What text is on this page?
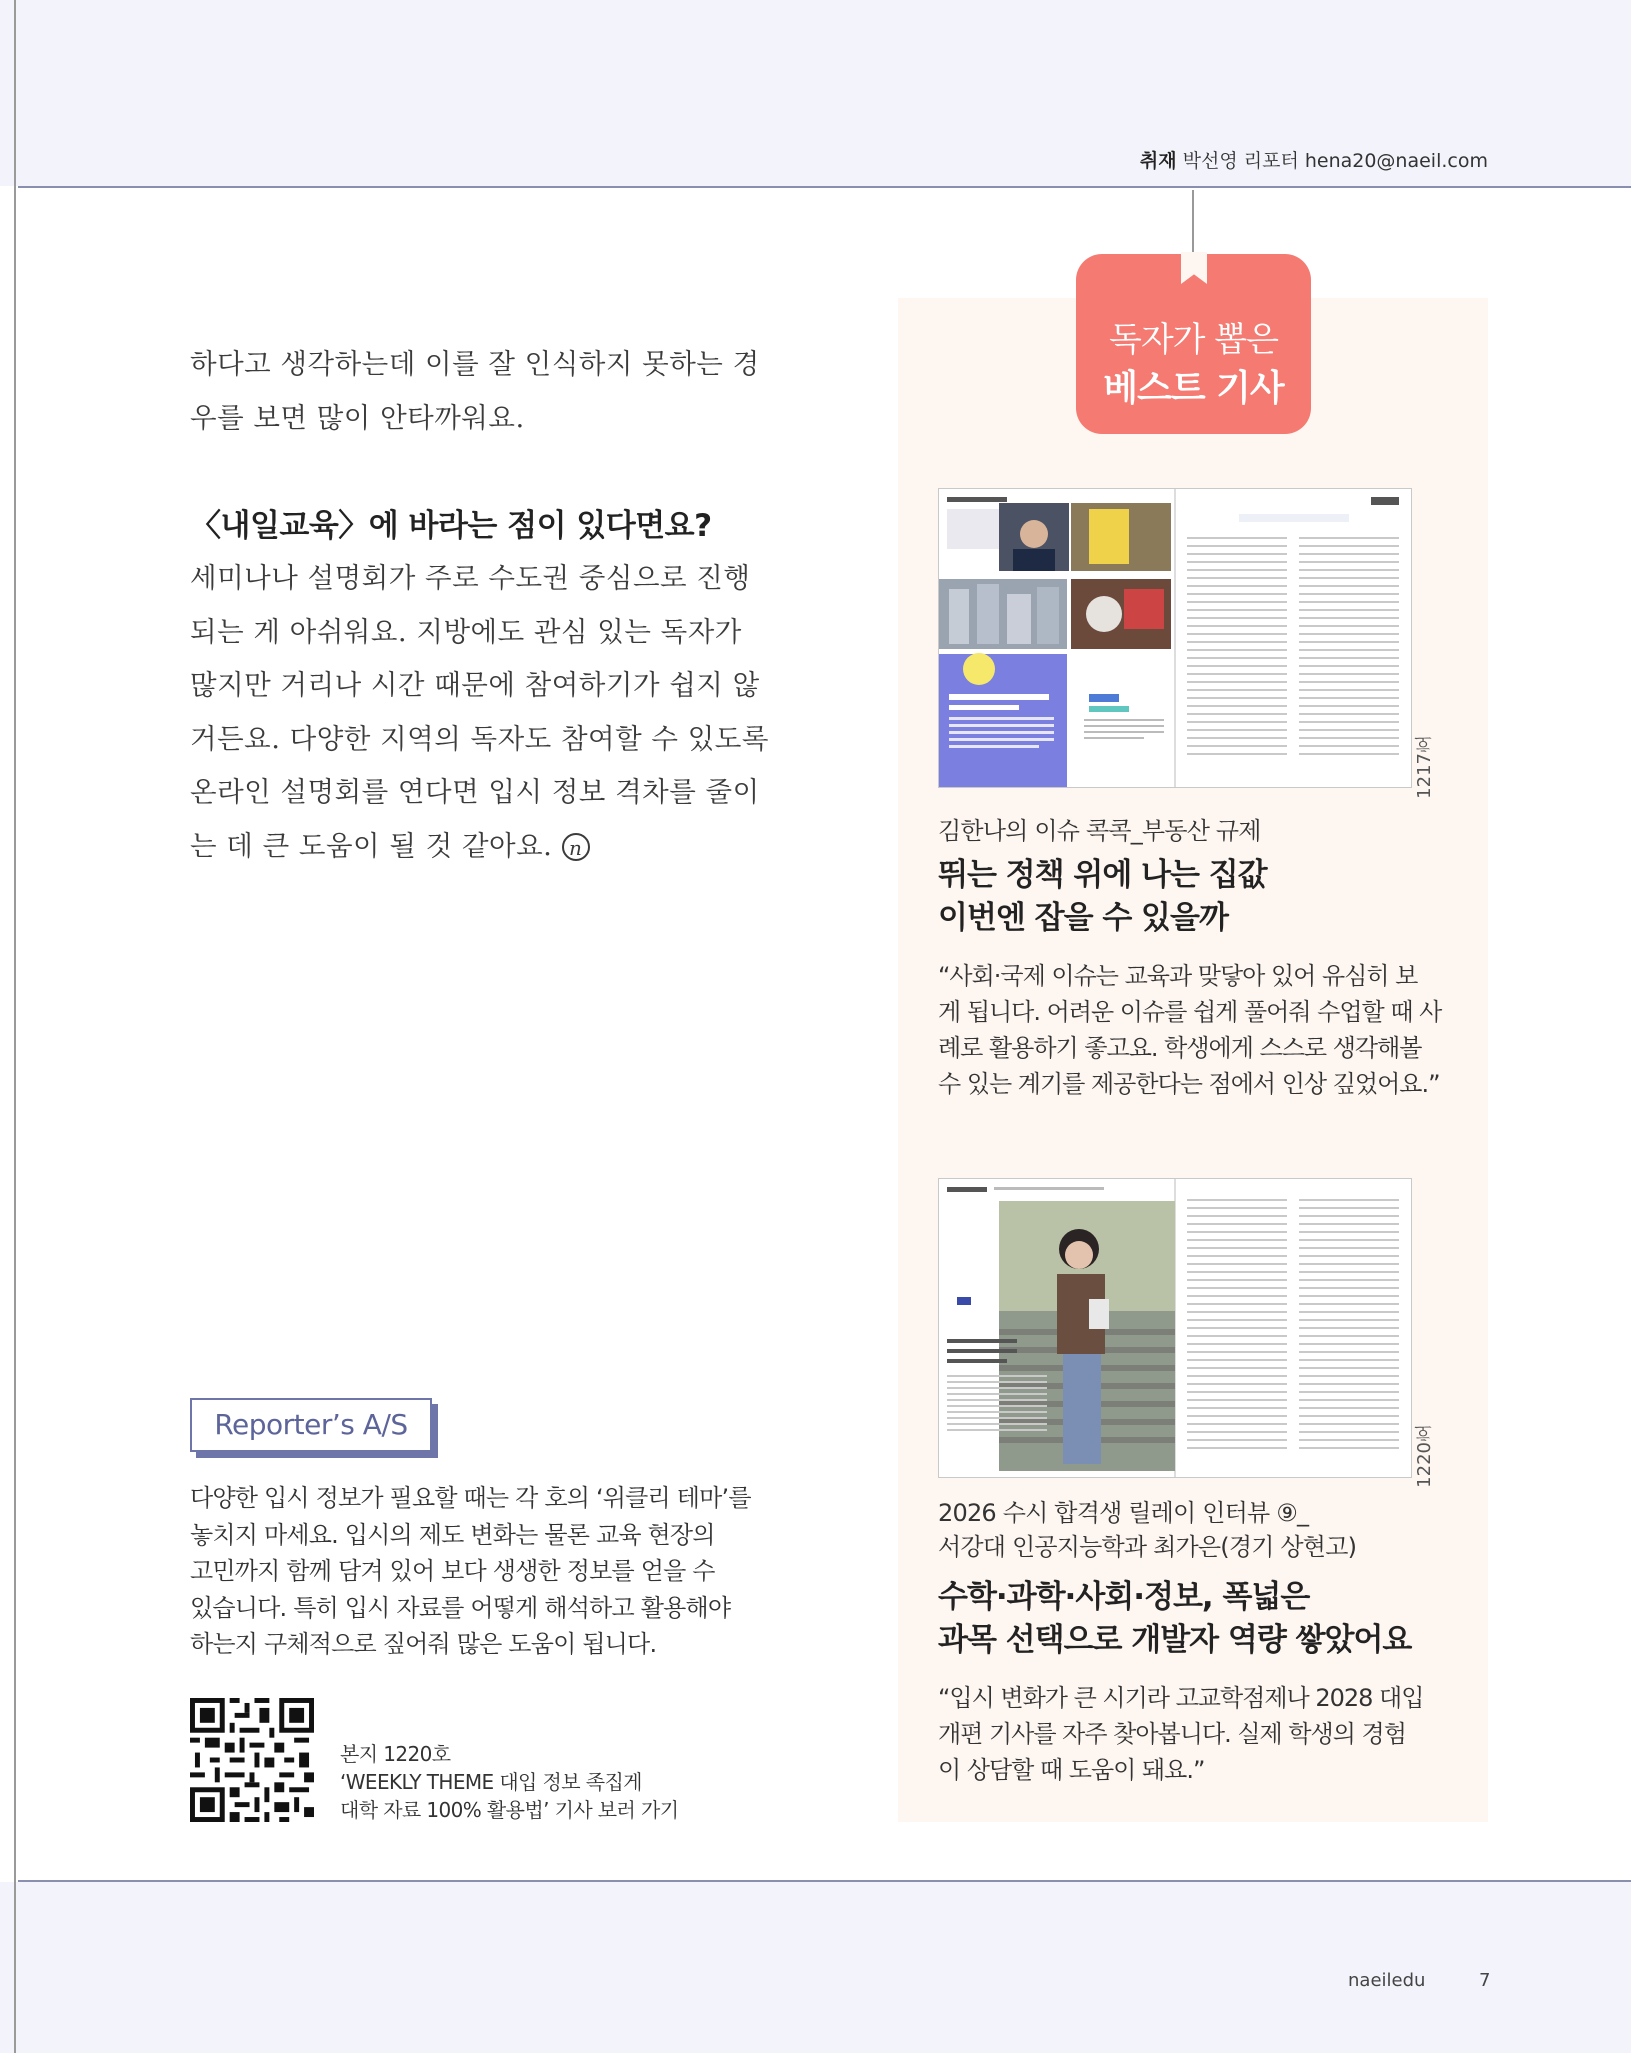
취재 박선영 리포터 hena20@naeil.com
하다고 생각하는데 이를 잘 인식하지 못하는 경
우를 보면 많이 안타까워요.
〈내일교육〉에 바라는 점이 있다면요?
세미나나 설명회가 주로 수도권 중심으로 진행
되는 게 아쉬워요. 지방에도 관심 있는 독자가
많지만 거리나 시간 때문에 참여하기가 쉽지 않
거든요. 다양한 지역의 독자도 참여할 수 있도록
온라인 설명회를 연다면 입시 정보 격차를 줄이
는 데 큰 도움이 될 것 같아요. n
Reporter’s A/S
다양한 입시 정보가 필요할 때는 각 호의 ‘위클리 테마’를
놓치지 마세요. 입시의 제도 변화는 물론 교육 현장의
고민까지 함께 담겨 있어 보다 생생한 정보를 얻을 수
있습니다. 특히 입시 자료를 어떻게 해석하고 활용해야
하는지 구체적으로 짚어줘 많은 도움이 됩니다.
본지 1220호
‘WEEKLY THEME 대입 정보 족집게
대학 자료 100% 활용법’ 기사 보러 가기
독자가 뽑은
베스트 기사
1217호
김한나의 이슈 콕콕_부동산 규제
뛰는 정책 위에 나는 집값
이번엔 잡을 수 있을까
“사회·국제 이슈는 교육과 맞닿아 있어 유심히 보
게 됩니다. 어려운 이슈를 쉽게 풀어줘 수업할 때 사
례로 활용하기 좋고요. 학생에게 스스로 생각해볼
수 있는 계기를 제공한다는 점에서 인상 깊었어요.”
1220호
2026 수시 합격생 릴레이 인터뷰 ⑨_
서강대 인공지능학과 최가은(경기 상현고)
수학·과학·사회·정보, 폭넓은
과목 선택으로 개발자 역량 쌓았어요
“입시 변화가 큰 시기라 고교학점제나 2028 대입
개편 기사를 자주 찾아봅니다. 실제 학생의 경험
이 상담할 때 도움이 돼요.”
naeiledu	7
